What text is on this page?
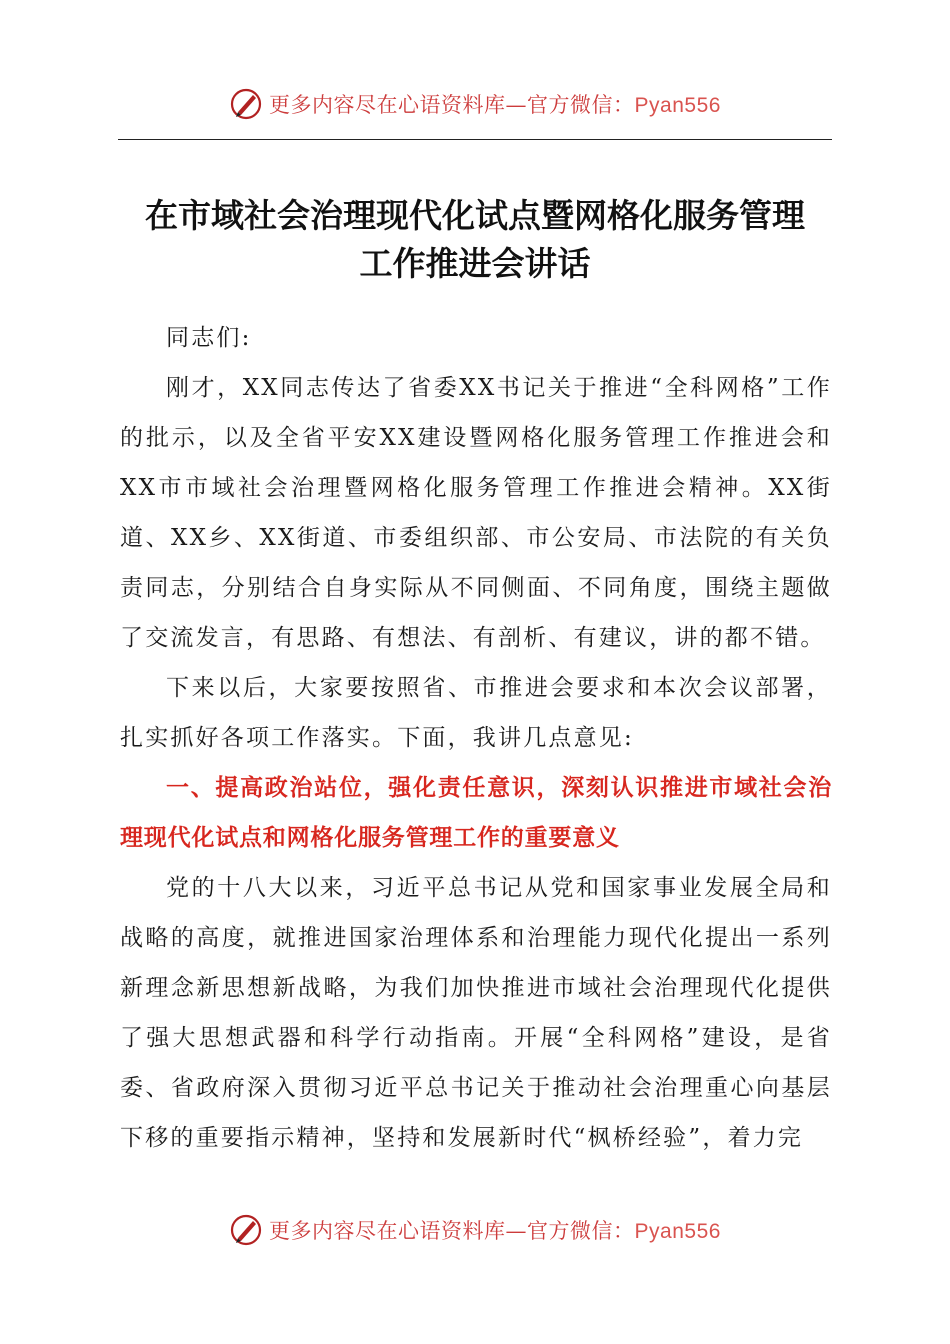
更多内容尽在心语资料库—官方微信：Pyan556
在市域社会治理现代化试点暨网格化服务管理
工作推进会讲话

同志们:

刚才，XX同志传达了省委XX书记关于推进“全科网格”工作的批示，以及全省平安XX建设暨网格化服务管理工作推进会和XX市市域社会治理暨网格化服务管理工作推进会精神。XX街道、XX乡、XX街道、市委组织部、市公安局、市法院的有关负责同志，分别结合自身实际从不同侧面、不同角度，围绕主题做了交流发言，有思路、有想法、有剖析、有建议，讲的都不错。

下来以后，大家要按照省、市推进会要求和本次会议部署，扎实抓好各项工作落实。下面，我讲几点意见:

一、提高政治站位，强化责任意识，深刻认识推进市域社会治理现代化试点和网格化服务管理工作的重要意义

党的十八大以来，习近平总书记从党和国家事业发展全局和战略的高度，就推进国家治理体系和治理能力现代化提出一系列新理念新思想新战略，为我们加快推进市域社会治理现代化提供了强大思想武器和科学行动指南。开展“全科网格”建设，是省委、省政府深入贯彻习近平总书记关于推动社会治理重心向基层下移的重要指示精神，坚持和发展新时代“枫桥经验”，着力完

更多内容尽在心语资料库—官方微信：Pyan556
